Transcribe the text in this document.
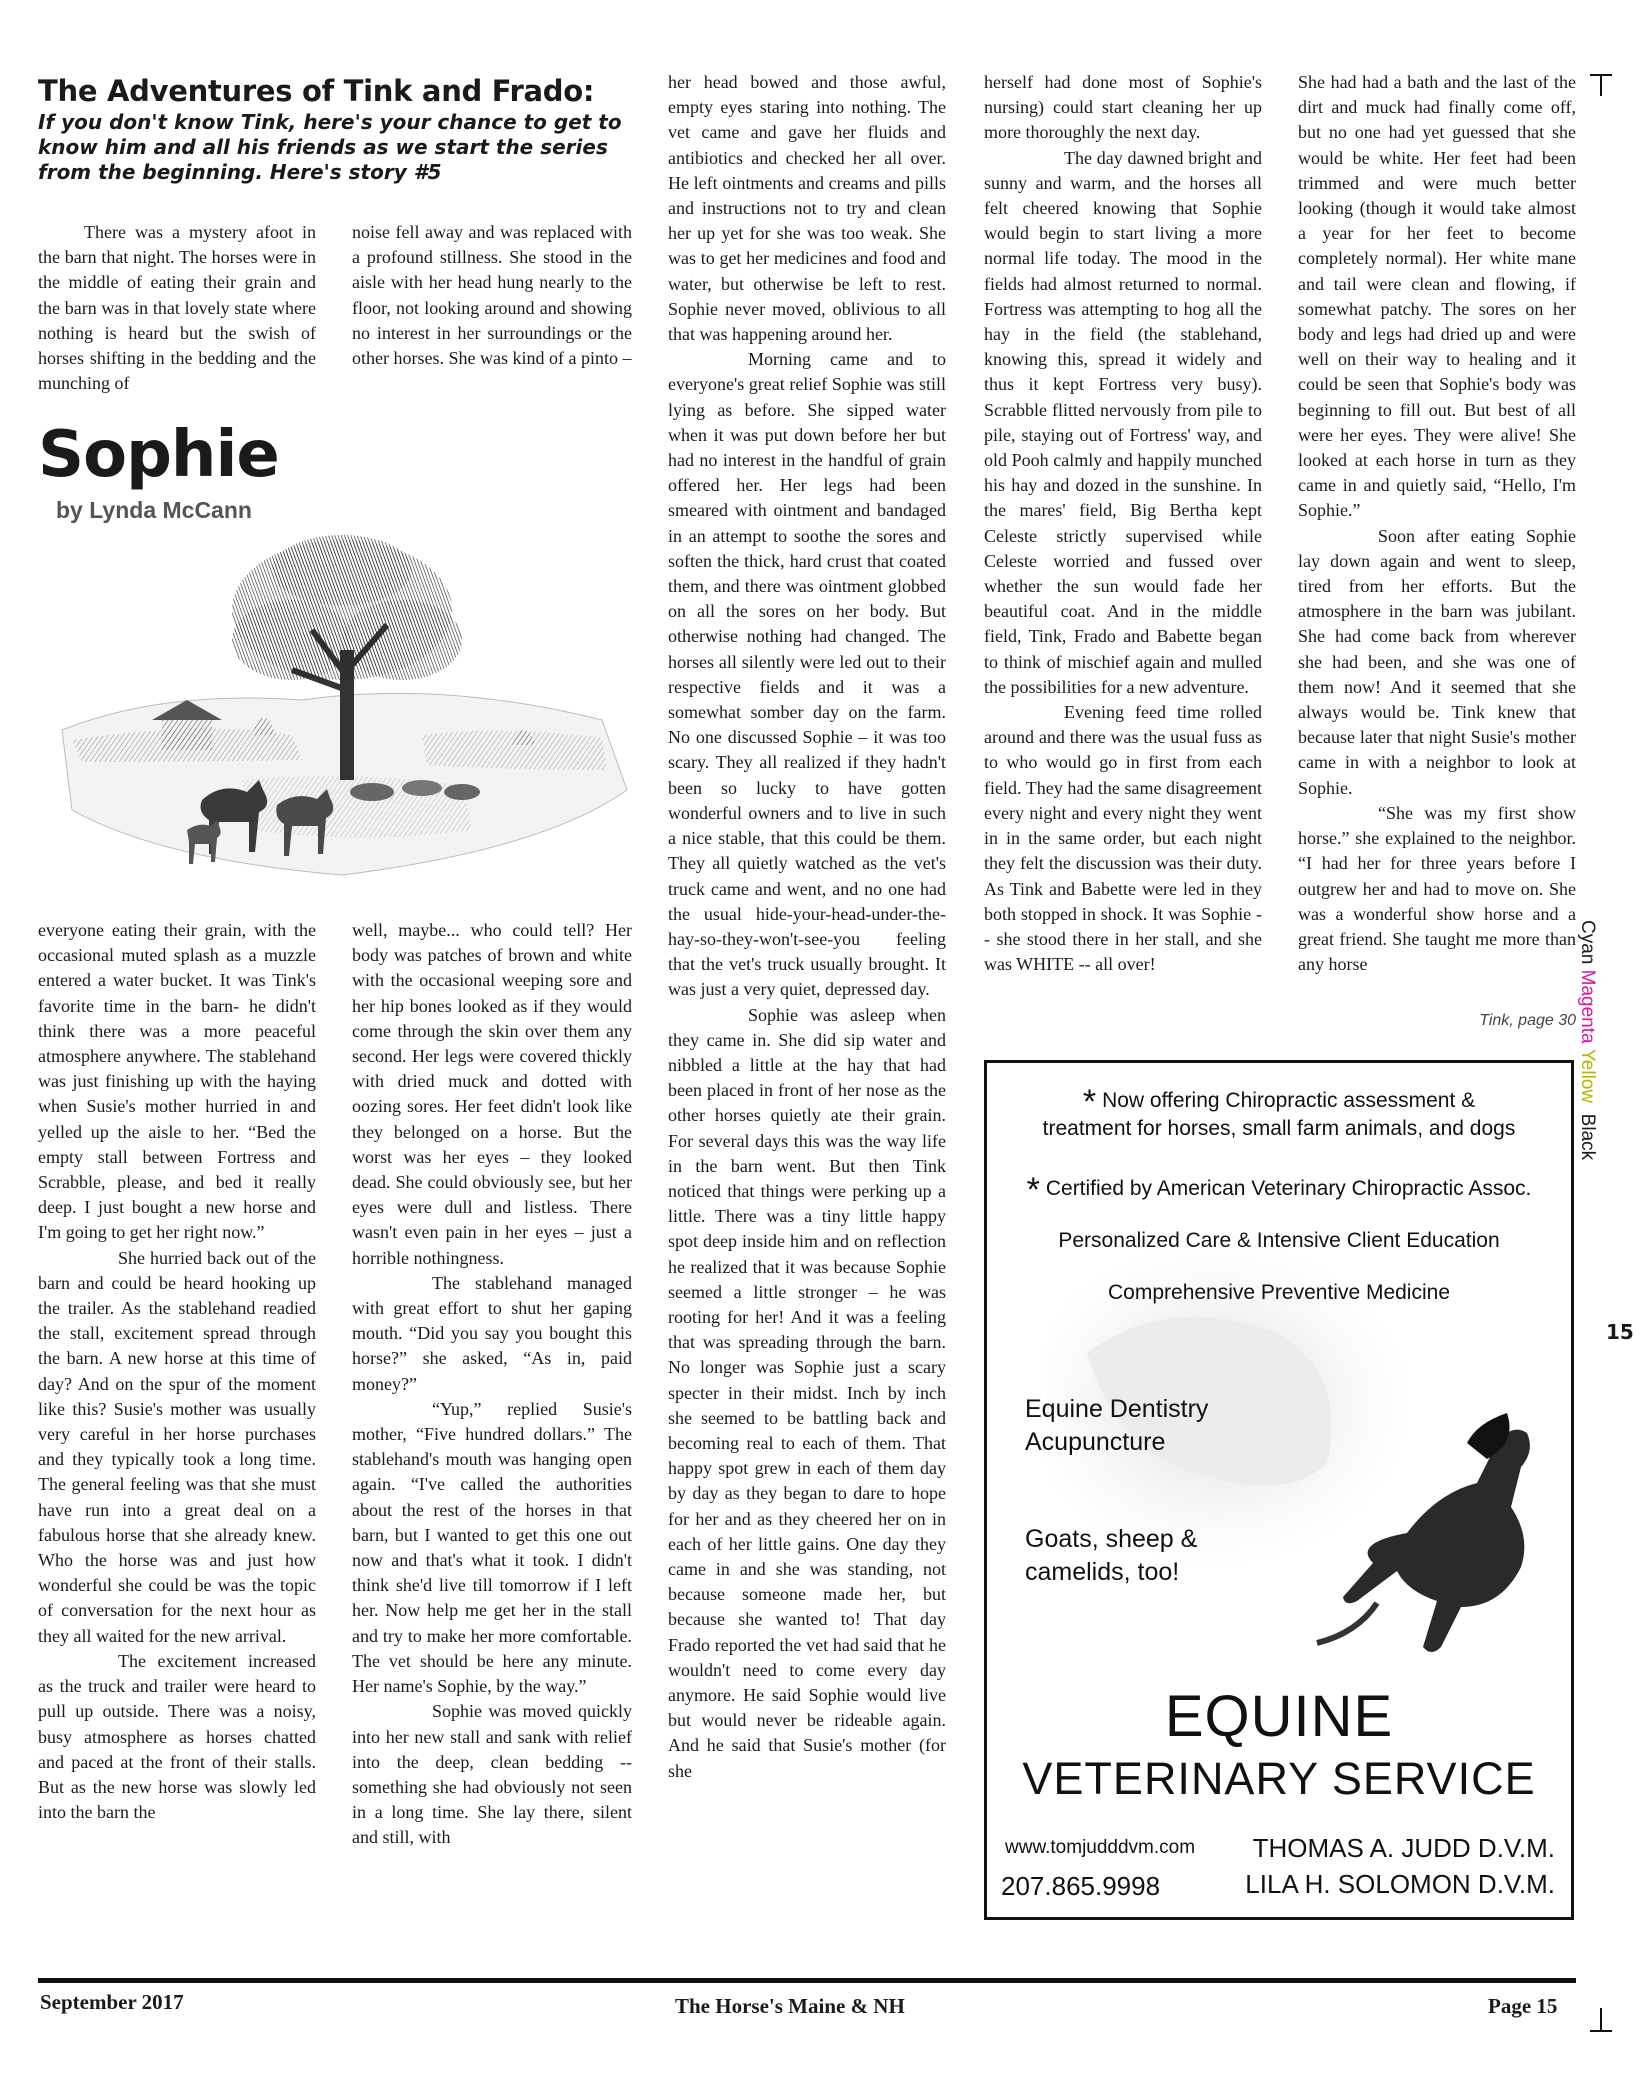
The Adventures of Tink and Frado:
If you don't know Tink, here's your chance to get to know him and all his friends as we start the series from the beginning. Here's story #5

There was a mystery afoot in the barn that night. The horses were in the middle of eating their grain and the barn was in that lovely state where nothing is heard but the swish of horses shifting in the bedding and the munching of

noise fell away and was replaced with a profound stillness. She stood in the aisle with her head hung nearly to the floor, not looking around and showing no interest in her surroundings or the other horses. She was kind of a pinto –

Sophie
by Lynda McCann

everyone eating their grain, with the occasional muted splash as a muzzle entered a water bucket. It was Tink's favorite time in the barn- he didn't think there was a more peaceful atmosphere anywhere. The stablehand was just finishing up with the haying when Susie's mother hurried in and yelled up the aisle to her. “Bed the empty stall between Fortress and Scrabble, please, and bed it really deep. I just bought a new horse and I'm going to get her right now.”

She hurried back out of the barn and could be heard hooking up the trailer. As the stablehand readied the stall, excitement spread through the barn. A new horse at this time of day? And on the spur of the moment like this? Susie's mother was usually very careful in her horse purchases and they typically took a long time. The general feeling was that she must have run into a great deal on a fabulous horse that she already knew. Who the horse was and just how wonderful she could be was the topic of conversation for the next hour as they all waited for the new arrival.

The excitement increased as the truck and trailer were heard to pull up outside. There was a noisy, busy atmosphere as horses chatted and paced at the front of their stalls. But as the new horse was slowly led into the barn the

well, maybe... who could tell? Her body was patches of brown and white with the occasional weeping sore and her hip bones looked as if they would come through the skin over them any second. Her legs were covered thickly with dried muck and dotted with oozing sores. Her feet didn't look like they belonged on a horse. But the worst was her eyes – they looked dead. She could obviously see, but her eyes were dull and listless. There wasn't even pain in her eyes – just a horrible nothingness.

The stablehand managed with great effort to shut her gaping mouth. “Did you say you bought this horse?” she asked, “As in, paid money?”

“Yup,” replied Susie's mother, “Five hundred dollars.” The stablehand's mouth was hanging open again. “I've called the authorities about the rest of the horses in that barn, but I wanted to get this one out now and that's what it took. I didn't think she'd live till tomorrow if I left her. Now help me get her in the stall and try to make her more comfortable. The vet should be here any minute. Her name's Sophie, by the way.”

Sophie was moved quickly into her new stall and sank with relief into the deep, clean bedding -- something she had obviously not seen in a long time. She lay there, silent and still, with

her head bowed and those awful, empty eyes staring into nothing. The vet came and gave her fluids and antibiotics and checked her all over. He left ointments and creams and pills and instructions not to try and clean her up yet for she was too weak. She was to get her medicines and food and water, but otherwise be left to rest. Sophie never moved, oblivious to all that was happening around her.

Morning came and to everyone's great relief Sophie was still lying as before. She sipped water when it was put down before her but had no interest in the handful of grain offered her. Her legs had been smeared with ointment and bandaged in an attempt to soothe the sores and soften the thick, hard crust that coated them, and there was ointment globbed on all the sores on her body. But otherwise nothing had changed. The horses all silently were led out to their respective fields and it was a somewhat somber day on the farm. No one discussed Sophie – it was too scary. They all realized if they hadn't been so lucky to have gotten wonderful owners and to live in such a nice stable, that this could be them. They all quietly watched as the vet's truck came and went, and no one had the usual hide-your-head-under-the-hay-so-they-won't-see-you feeling that the vet's truck usually brought. It was just a very quiet, depressed day.

Sophie was asleep when they came in. She did sip water and nibbled a little at the hay that had been placed in front of her nose as the other horses quietly ate their grain. For several days this was the way life in the barn went. But then Tink noticed that things were perking up a little. There was a tiny little happy spot deep inside him and on reflection he realized that it was because Sophie seemed a little stronger – he was rooting for her! And it was a feeling that was spreading through the barn. No longer was Sophie just a scary specter in their midst. Inch by inch she seemed to be battling back and becoming real to each of them. That happy spot grew in each of them day by day as they began to dare to hope for her and as they cheered her on in each of her little gains. One day they came in and she was standing, not because someone made her, but because she wanted to! That day Frado reported the vet had said that he wouldn't need to come every day anymore. He said Sophie would live but would never be rideable again. And he said that Susie's mother (for she

herself had done most of Sophie's nursing) could start cleaning her up more thoroughly the next day.

The day dawned bright and sunny and warm, and the horses all felt cheered knowing that Sophie would begin to start living a more normal life today. The mood in the fields had almost returned to normal. Fortress was attempting to hog all the hay in the field (the stablehand, knowing this, spread it widely and thus it kept Fortress very busy). Scrabble flitted nervously from pile to pile, staying out of Fortress' way, and old Pooh calmly and happily munched his hay and dozed in the sunshine. In the mares' field, Big Bertha kept Celeste strictly supervised while Celeste worried and fussed over whether the sun would fade her beautiful coat. And in the middle field, Tink, Frado and Babette began to think of mischief again and mulled the possibilities for a new adventure.

Evening feed time rolled around and there was the usual fuss as to who would go in first from each field. They had the same disagreement every night and every night they went in in the same order, but each night they felt the discussion was their duty. As Tink and Babette were led in they both stopped in shock. It was Sophie -- she stood there in her stall, and she was WHITE -- all over!

She had had a bath and the last of the dirt and muck had finally come off, but no one had yet guessed that she would be white. Her feet had been trimmed and were much better looking (though it would take almost a year for her feet to become completely normal). Her white mane and tail were clean and flowing, if somewhat patchy. The sores on her body and legs had dried up and were well on their way to healing and it could be seen that Sophie's body was beginning to fill out. But best of all were her eyes. They were alive! She looked at each horse in turn as they came in and quietly said, “Hello, I'm Sophie.”

Soon after eating Sophie lay down again and went to sleep, tired from her efforts. But the atmosphere in the barn was jubilant. She had come back from wherever she had been, and she was one of them now! And it seemed that she always would be. Tink knew that because later that night Susie's mother came in with a neighbor to look at Sophie.

“She was my first show horse.” she explained to the neighbor. “I had her for three years before I outgrew her and had to move on. She was a wonderful show horse and a great friend. She taught me more than any horse

Tink, page 30
* Now offering Chiropractic assessment &
treatment for horses, small farm animals, and dogs
* Certified by American Veterinary Chiropractic Assoc.
Personalized Care & Intensive Client Education
Comprehensive Preventive Medicine
Equine Dentistry
Acupuncture
Goats, sheep &
camelids, too!
EQUINE
VETERINARY SERVICE
www.tomjudddvm.com
207.865.9998
THOMAS A. JUDD D.V.M.
LILA H. SOLOMON D.V.M.
Cyan Magenta Yellow  Black
15
September 2017	The Horse's Maine & NH	Page 15
